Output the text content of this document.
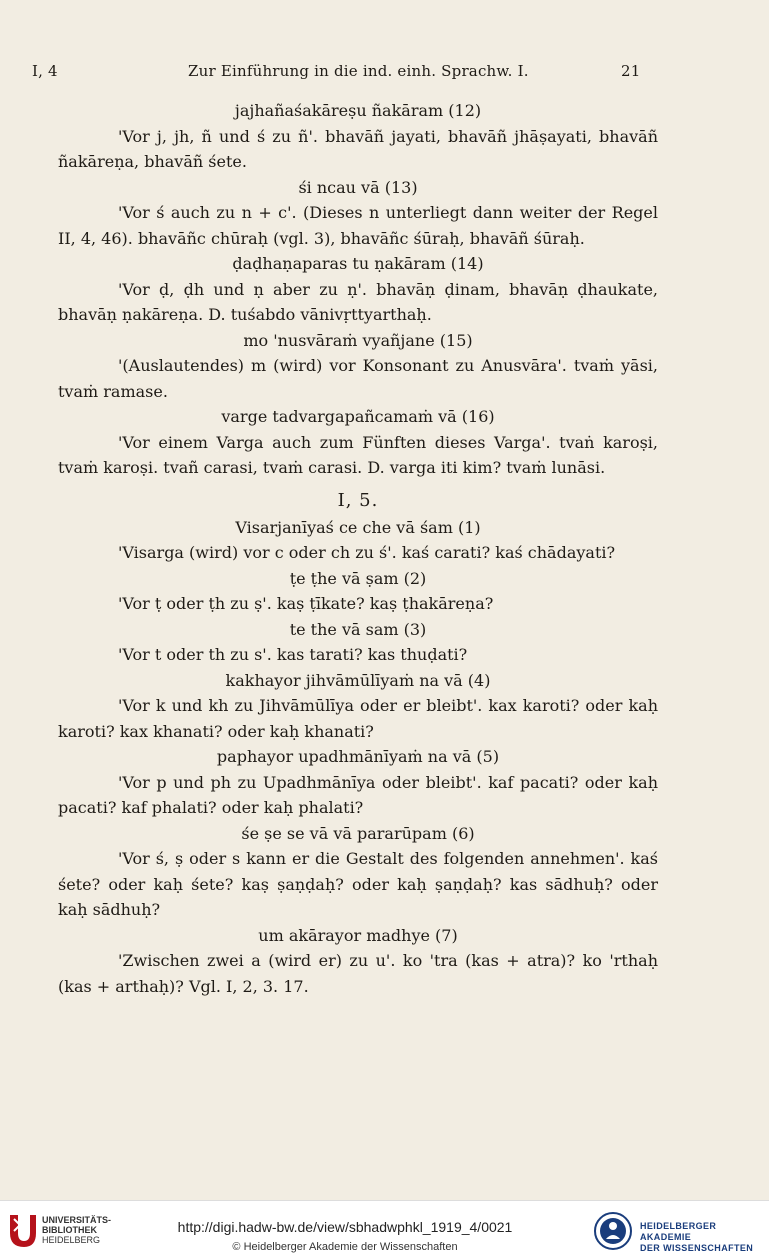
I, 4	Zur Einführung in die ind. einh. Sprachw. I.	21

jajhañaśakāreṣu ñakāram (12)

'Vor j, jh, ñ und ś zu ñ'. bhavāñ jayati, bhavāñ jhāṣayati, bhavāñ ñakāreṇa, bhavāñ śete.

śi ncau vā (13)

'Vor ś auch zu n + c'. (Dieses n unterliegt dann weiter der Regel II, 4, 46). bhavāñc chūraḥ (vgl. 3), bhavāñc śūraḥ, bhavāñ śūraḥ.

ḍaḍhaṇaparas tu ṇakāram (14)

'Vor ḍ, ḍh und ṇ aber zu ṇ'. bhavāṇ ḍinam, bhavāṇ ḍhaukate, bhavāṇ ṇakāreṇa. D. tuśabdo vānivṛttyarthaḥ.

mo 'nusvāraṁ vyañjane (15)

'(Auslautendes) m (wird) vor Konsonant zu Anusvāra'. tvaṁ yāsi, tvaṁ ramase.

varge tadvargapañcamaṁ vā (16)

'Vor einem Varga auch zum Fünften dieses Varga'. tvaṅ karoṣi, tvaṁ karoṣi. tvañ carasi, tvaṁ carasi. D. varga iti kim? tvaṁ lunāsi.

I, 5.

Visarjanīyaś ce che vā śam (1)

'Visarga (wird) vor c oder ch zu ś'. kaś carati? kaś chādayati?

ṭe ṭhe vā ṣam (2)

'Vor ṭ oder ṭh zu ṣ'. kaṣ ṭīkate? kaṣ ṭhakāreṇa?

te the vā sam (3)

'Vor t oder th zu s'. kas tarati? kas thuḍati?

kakhayor jihvāmūlīyaṁ na vā (4)

'Vor k und kh zu Jihvāmūlīya oder er bleibt'. kax karoti? oder kaḥ karoti? kax khanati? oder kaḥ khanati?

paphayor upadhmānīyaṁ na vā (5)

'Vor p und ph zu Upadhmānīya oder bleibt'. kaf pacati? oder kaḥ pacati? kaf phalati? oder kaḥ phalati?

śe ṣe se vā vā pararūpam (6)

'Vor ś, ṣ oder s kann er die Gestalt des folgenden annehmen'. kaś śete? oder kaḥ śete? kaṣ ṣaṇḍaḥ? oder kaḥ ṣaṇḍaḥ? kas sādhuḥ? oder kaḥ sādhuḥ?

um akārayor madhye (7)

'Zwischen zwei a (wird er) zu u'. ko 'tra (kas + atra)? ko 'rthaḥ (kas + arthaḥ)? Vgl. I, 2, 3. 17.

UNIVERSITÄTS-
BIBLIOTHEK
HEIDELBERG
http://digi.hadw-bw.de/view/sbhadwphkl_1919_4/0021
© Heidelberger Akademie der Wissenschaften
HEIDELBERGER AKADEMIE
DER WISSENSCHAFTEN
